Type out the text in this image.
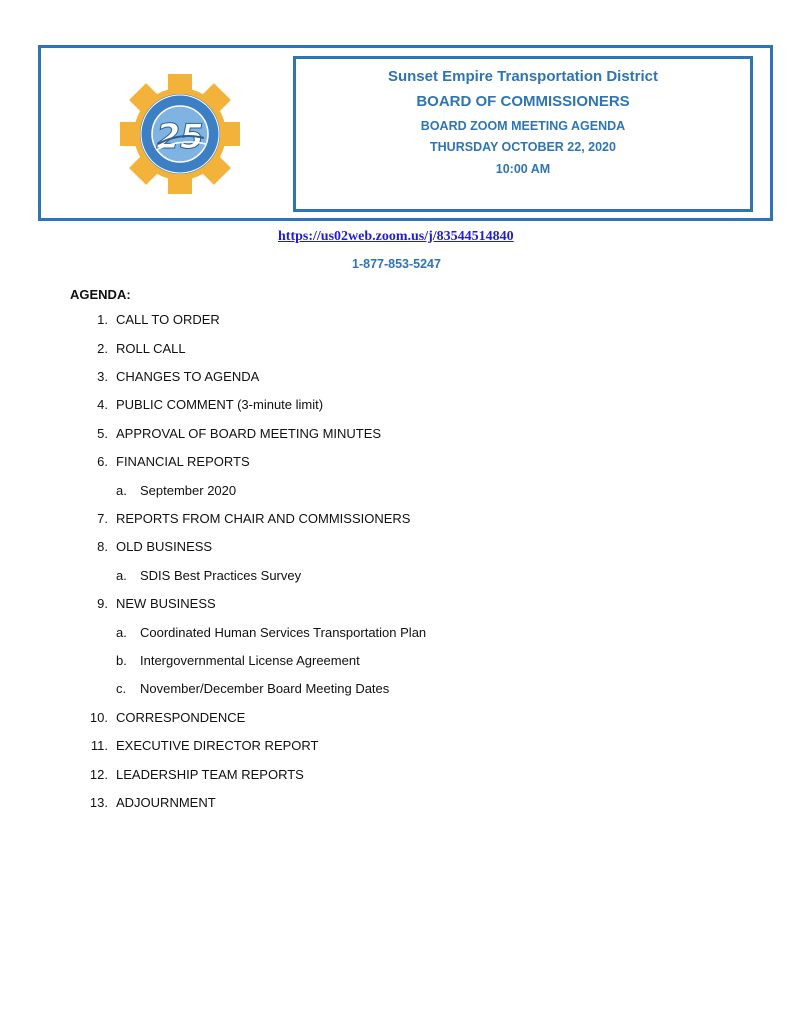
25
Sunset Empire Transportation District
BOARD OF COMMISSIONERS
BOARD ZOOM MEETING AGENDA
THURSDAY OCTOBER 22, 2020
10:00 AM
https://us02web.zoom.us/j/83544514840
1-877-853-5247
AGENDA:
1. CALL TO ORDER
2. ROLL CALL
3. CHANGES TO AGENDA
4. PUBLIC COMMENT (3-minute limit)
5. APPROVAL OF BOARD MEETING MINUTES
6. FINANCIAL REPORTS
a. September 2020
7. REPORTS FROM CHAIR AND COMMISSIONERS
8. OLD BUSINESS
a. SDIS Best Practices Survey
9. NEW BUSINESS
a. Coordinated Human Services Transportation Plan
b. Intergovernmental License Agreement
c. November/December Board Meeting Dates
10. CORRESPONDENCE
11. EXECUTIVE DIRECTOR REPORT
12. LEADERSHIP TEAM REPORTS
13. ADJOURNMENT
